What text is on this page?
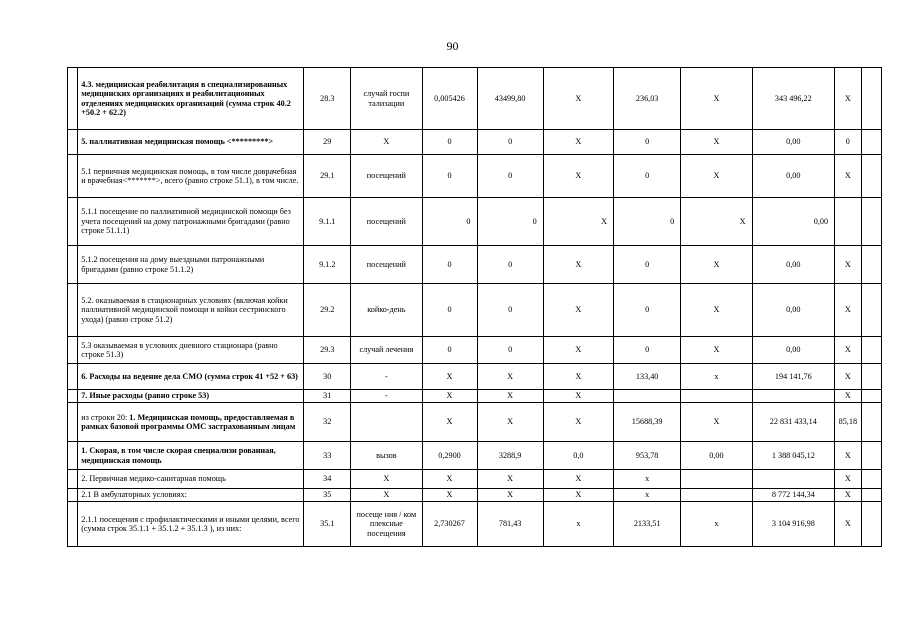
90
	4.3. медицинская реабилитация в специализированных медицинских организациях и реабилитационных отделениях медицинских организаций (сумма строк 40.2 +50.2 + 62.2)	28.3	случай госпи тализации	0,005426	43499,80	X	236,03	X	343 496,22	X	
	5. паллиативная медицинская помощь <*********>	29	X	0	0	X	0	X	0,00	0	
	5.1 первичная медицинская помощь, в том числе доврачебная и врачебная<*******>, всего (равно строке 51.1), в том числе.	29.1	посещений	0	0	X	0	X	0,00	X	
	5.1.1 посещение по паллиативной медицинской помощи без учета посещений на дому патронажными бригадами (равно строке 51.1.1)	9.1.1	посещений	0	0	X	0	X	0,00		
	5.1.2 посещения на дому выездными патронажными бригадами (равно строке 51.1.2)	9.1.2	посещений	0	0	X	0	X	0,00	X	
	5.2. оказываемая в стационарных условиях (включая койки паллиативной медицинской помощи и койки сестринского ухода) (равно строке 51.2)	29.2	койко-день	0	0	X	0	X	0,00	X	
	5.3 оказываемая в условиях дневного стационара (равно строке 51.3)	29.3	случай лечения	0	0	X	0	X	0,00	X	
	6. Расходы на ведение дела СМО (сумма строк 41 +52 + 63)	30	-	X	X	X	133,40	x	194 141,76	X	
	7. Иные расходы (равно строке 53)	31	-	X	X	X				X	
	из строки 20: 1. Медицинская помощь, предоставляемая в рамках базовой программы ОМС застрахованным лицам	32		X	X	X	15688,39	X	22 831 433,14	85,18	
	1. Скорая, в том числе скорая специализи рованная, медицинская помощь	33	вызов	0,2900	3288,9	0,0	953,78	0,00	1 388 045,12	X	
	2. Первичная медико-санитарная помощь	34	X	X	X	X	x			X	
	2.1 В амбулаторных условиях:	35	X	X	X	X	x		8 772 144,34	X	
	2.1.1 посещения с профилактическими и иными целями, всего (сумма строк 35.1.1 + 35.1.2 + 35.1.3 ), из них:	35.1	посеще ния / ком плексные посещения	2,730267	781,43	x	2133,51	x	3 104 916,98	X	
